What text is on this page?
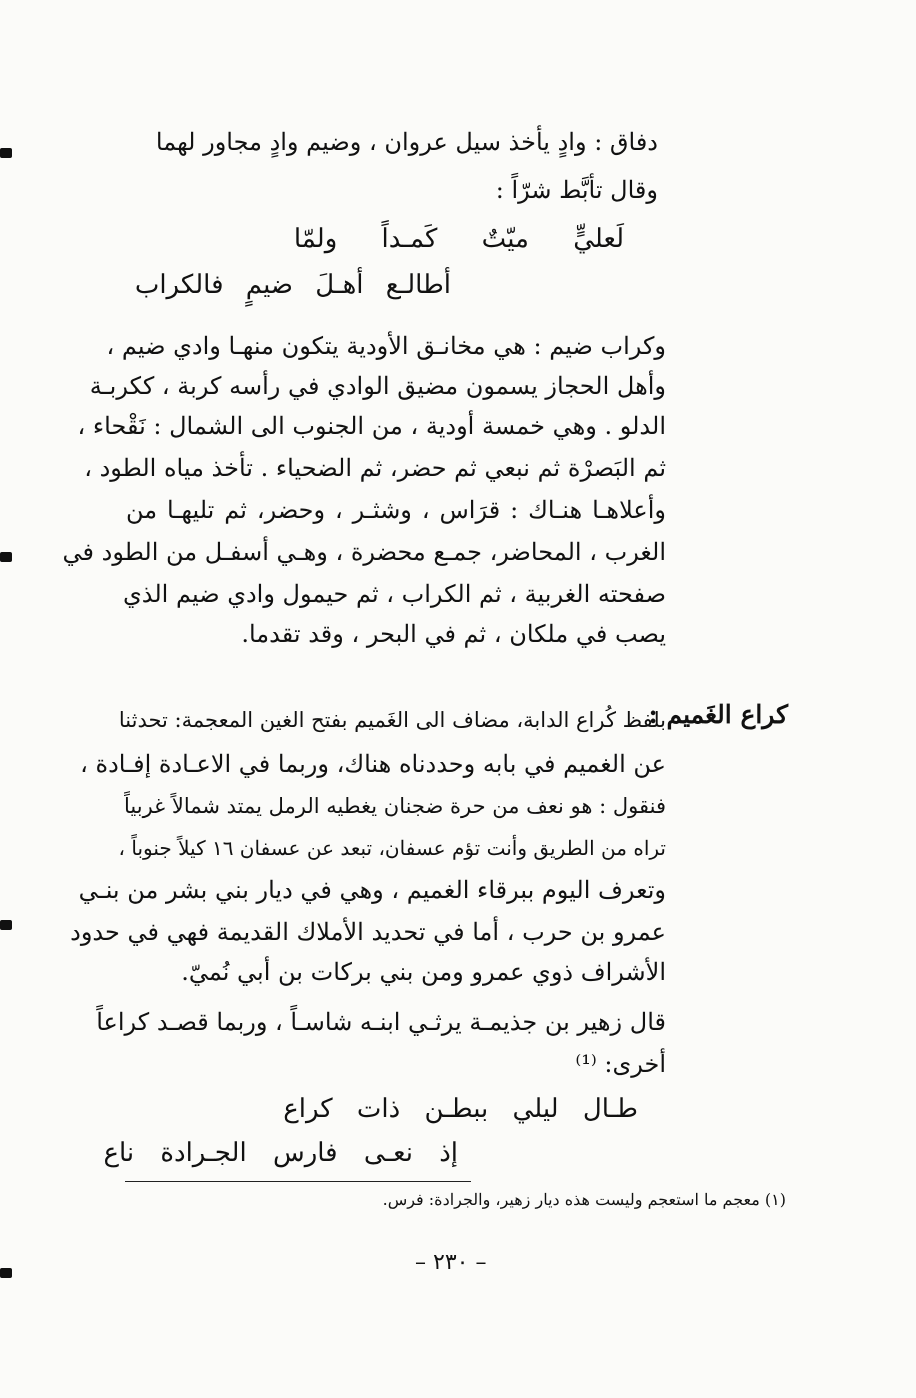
دفاق : وادٍ يأخذ سيل عروان ، وضيم وادٍ مجاور لهما
وقال تأبَّط شرّاً :
لَعليٍّ ميّتٌ كَمـداً ولمّا
أطالـع أهـلَ ضيمٍ فالكراب
وكراب ضيم : هي مخانـق الأودية يتكون منهـا وادي ضيم ،
وأهل الحجاز يسمون مضيق الوادي في رأسه كربة ، ككربـة
الدلو . وهي خمسة أودية ، من الجنوب الى الشمال : نَقْحاء ،
ثم البَصرْة ثم نبعي ثم حضر، ثم الضحياء . تأخذ مياه الطود ،
وأعلاهـا هنـاك : قرَاس ، وشثـر ، وحضر، ثم تليهـا من
الغرب ، المحاضر، جمـع محضرة ، وهـي أسفـل من الطود في
صفحته الغربية ، ثم الكراب ، ثم حيمول وادي ضيم الذي
يصب في ملكان ، ثم في البحر ، وقد تقدما.
كراع الغَميم :
بلفظ كُراع الدابة، مضاف الى الغَميم بفتح الغين المعجمة: تحدثنا
عن الغميم في بابه وحددناه هناك، وربما في الاعـادة إفـادة ،
فنقول : هو نعف من حرة ضجنان يغطيه الرمل يمتد شمالاً غربياً
تراه من الطريق وأنت تؤم عسفان، تبعد عن عسفان ١٦ كيلاً جنوباً ،
وتعرف اليوم ببرقاء الغميم ، وهي في ديار بني بشر من بنـي
عمرو بن حرب ، أما في تحديد الأملاك القديمة فهي في حدود
الأشراف ذوي عمرو ومن بني بركات بن أبي نُميّ.
قال زهير بن جذيمـة يرثـي ابنـه شاسـاً ، وربما قصـد كراعاً
أخرى: ⁽¹⁾
طـال ليلي ببطـن ذات كراع
إذ نعـى فارس الجـرادة ناع
(١) معجم ما استعجم وليست هذه ديار زهير، والجرادة: فرس.
– ٢٣٠ –
